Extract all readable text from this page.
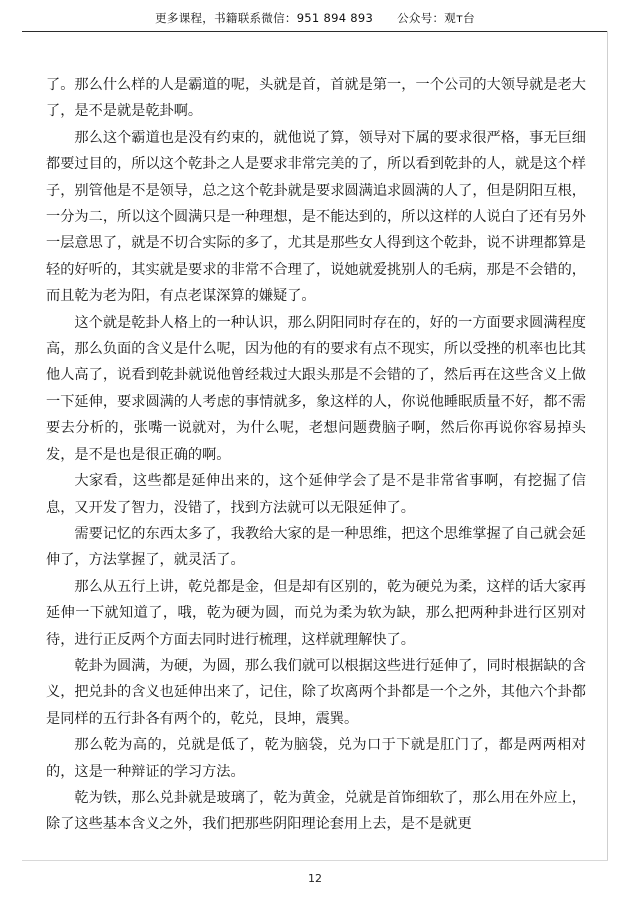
更多课程，书籍联系微信：951 894 893 公众号：观т台

了。那么什么样的人是霸道的呢，头就是首，首就是第一，一个公司的大领导就是老大了，是不是就是乾卦啊。

那么这个霸道也是没有约束的，就他说了算，领导对下属的要求很严格，事无巨细都要过目的，所以这个乾卦之人是要求非常完美的了，所以看到乾卦的人，就是这个样子，别管他是不是领导，总之这个乾卦就是要求圆满追求圆满的人了，但是阴阳互根，一分为二，所以这个圆满只是一种理想，是不能达到的，所以这样的人说白了还有另外一层意思了，就是不切合实际的多了，尤其是那些女人得到这个乾卦，说不讲理都算是轻的好听的，其实就是要求的非常不合理了，说她就爱挑别人的毛病，那是不会错的，而且乾为老为阳，有点老谋深算的嫌疑了。

这个就是乾卦人格上的一种认识，那么阴阳同时存在的，好的一方面要求圆满程度高，那么负面的含义是什么呢，因为他的有的要求有点不现实，所以受挫的机率也比其他人高了，说看到乾卦就说他曾经栽过大跟头那是不会错的了，然后再在这些含义上做一下延伸，要求圆满的人考虑的事情就多，象这样的人，你说他睡眠质量不好，都不需要去分析的，张嘴一说就对，为什么呢，老想问题费脑子啊，然后你再说你容易掉头发，是不是也是很正确的啊。

大家看，这些都是延伸出来的，这个延伸学会了是不是非常省事啊，有挖掘了信息，又开发了智力，没错了，找到方法就可以无限延伸了。

需要记忆的东西太多了，我教给大家的是一种思维，把这个思维掌握了自己就会延伸了，方法掌握了，就灵活了。

那么从五行上讲，乾兑都是金，但是却有区别的，乾为硬兑为柔，这样的话大家再延伸一下就知道了，哦，乾为硬为圆，而兑为柔为软为缺，那么把两种卦进行区别对待，进行正反两个方面去同时进行梳理，这样就理解快了。

乾卦为圆满，为硬，为圆，那么我们就可以根据这些进行延伸了，同时根据缺的含义，把兑卦的含义也延伸出来了，记住，除了坎离两个卦都是一个之外，其他六个卦都是同样的五行卦各有两个的，乾兑，艮坤，震巽。

那么乾为高的，兑就是低了，乾为脑袋，兑为口于下就是肛门了，都是两两相对的，这是一种辩证的学习方法。

乾为铁，那么兑卦就是玻璃了，乾为黄金，兑就是首饰细软了，那么用在外应上，除了这些基本含义之外，我们把那些阴阳理论套用上去，是不是就更

12
